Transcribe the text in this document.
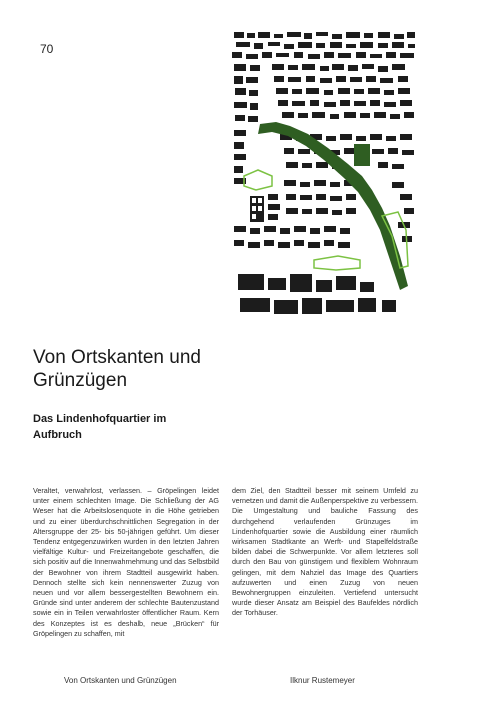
70
Von Ortskanten und Grünzügen
Das Lindenhofquartier im Aufbruch
Veraltet, verwahrlost, verlassen. – Gröpelingen leidet unter einem schlechten Image. Die Schließung der AG Weser hat die Arbeitslosenquote in die Höhe getrieben und zu einer überdurchschnittlichen Segregation in der Altersgruppe der 25- bis 50-jährigen geführt. Um dieser Tendenz entgegenzuwirken wurden in den letzten Jahren vielfältige Kultur- und Freizeitangebote geschaffen, die sich positiv auf die Innenwahrnehmung und das Selbstbild der Bewohner von ihrem Stadtteil ausgewirkt haben. Dennoch stellte sich kein nennenswerter Zuzug von neuen und vor allem bessergestellten Bewohnern ein. Gründe sind unter anderem der schlechte Bautenzustand sowie ein in Teilen verwahrloster öffentlicher Raum. Kern des Konzeptes ist es deshalb, neue „Brücken“ für Gröpelingen zu schaffen, mit
dem Ziel, den Stadtteil besser mit seinem Umfeld zu vernetzen und damit die Außenperspektive zu verbessern. Die Umgestaltung und bauliche Fassung des durchgehend verlaufenden Grünzuges im Lindenhofquartier sowie die Ausbildung einer räumlich wirksamen Stadtkante an Werft- und Stapelfeldstraße bilden dabei die Schwerpunkte. Vor allem letzteres soll durch den Bau von günstigem und flexiblem Wohnraum gelingen, mit dem Nahziel das Image des Quartiers aufzuwerten und einen Zuzug von neuen Bewohnergruppen einzuleiten. Vertiefend untersucht wurde dieser Ansatz am Beispiel des Baufeldes nördlich der Torhäuser.
Von Ortskanten und Grünzügen	Ilknur Rustemeyer
